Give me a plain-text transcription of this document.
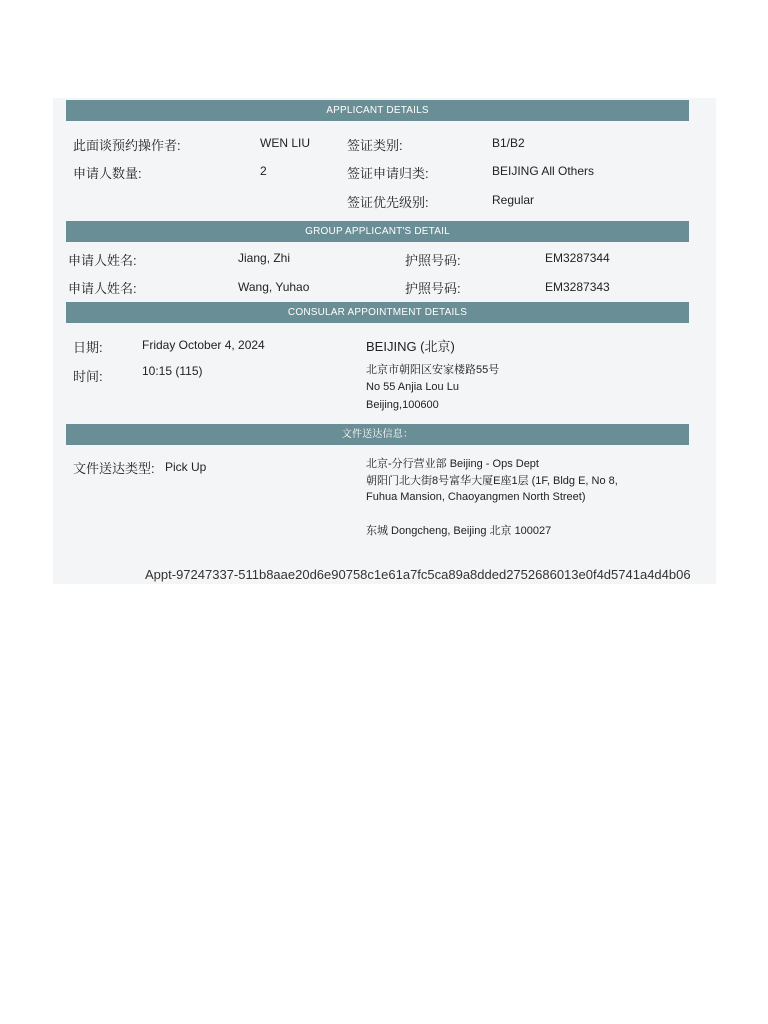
APPLICANT DETAILS
此面谈预约操作者:	WEN LIU	签证类别:	B1/B2
申请人数量:	2	签证申请归类:	BEIJING All Others
签证优先级别:	Regular
GROUP APPLICANT'S DETAIL
申请人姓名:	Jiang, Zhi	护照号码:	EM3287344
申请人姓名:	Wang, Yuhao	护照号码:	EM3287343
CONSULAR APPOINTMENT DETAILS
日期:	Friday October 4, 2024
时间:	10:15 (115)
BEIJING (北京)
北京市朝阳区安家楼路55号
No 55 Anjia Lou Lu
Beijing,100600
文件送达信息：
文件送达类型: Pick Up	北京-分行营业部 Beijing - Ops Dept
朝阳门北大街8号富华大厦E座1层 (1F, Bldg E, No 8,
Fuhua Mansion, Chaoyangmen North Street)
东城 Dongcheng, Beijing 北京 100027
Appt-97247337-511b8aae20d6e90758c1e61a7fc5ca89a8dded2752686013e0f4d5741a4d4b06
